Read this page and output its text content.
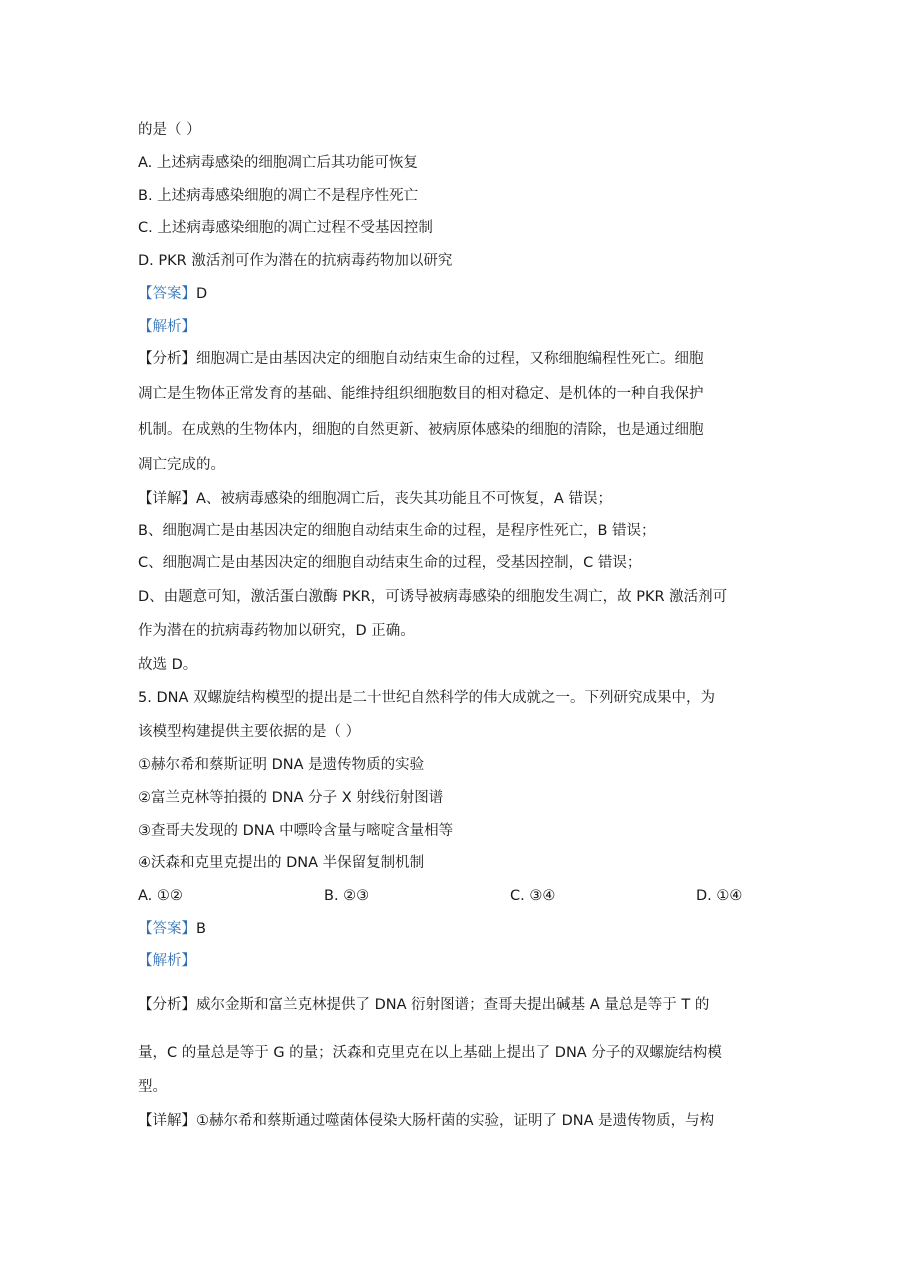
的是（ ）
A. 上述病毒感染的细胞凋亡后其功能可恢复
B. 上述病毒感染细胞的凋亡不是程序性死亡
C. 上述病毒感染细胞的凋亡过程不受基因控制
D. PKR 激活剂可作为潜在的抗病毒药物加以研究
【答案】D
【解析】
【分析】细胞凋亡是由基因决定的细胞自动结束生命的过程，又称细胞编程性死亡。细胞
凋亡是生物体正常发育的基础、能维持组织细胞数目的相对稳定、是机体的一种自我保护
机制。在成熟的生物体内，细胞的自然更新、被病原体感染的细胞的清除，也是通过细胞
凋亡完成的。
【详解】A、被病毒感染的细胞凋亡后，丧失其功能且不可恢复，A 错误；
B、细胞凋亡是由基因决定的细胞自动结束生命的过程，是程序性死亡，B 错误；
C、细胞凋亡是由基因决定的细胞自动结束生命的过程，受基因控制，C 错误；
D、由题意可知，激活蛋白激酶 PKR，可诱导被病毒感染的细胞发生凋亡，故 PKR 激活剂可
作为潜在的抗病毒药物加以研究，D 正确。
故选 D。
5. DNA 双螺旋结构模型的提出是二十世纪自然科学的伟大成就之一。下列研究成果中，为
该模型构建提供主要依据的是（ ）
①赫尔希和蔡斯证明 DNA 是遗传物质的实验
②富兰克林等拍摄的 DNA 分子 X 射线衍射图谱
③查哥夫发现的 DNA 中嘌呤含量与嘧啶含量相等
④沃森和克里克提出的 DNA 半保留复制机制
A. ①②	B. ②③	C. ③④	D. ①④
【答案】B
【解析】
【分析】威尔金斯和富兰克林提供了 DNA 衍射图谱；查哥夫提出碱基 A 量总是等于 T 的
量，C 的量总是等于 G 的量；沃森和克里克在以上基础上提出了 DNA 分子的双螺旋结构模
型。
【详解】①赫尔希和蔡斯通过噬菌体侵染大肠杆菌的实验，证明了 DNA 是遗传物质，与构
